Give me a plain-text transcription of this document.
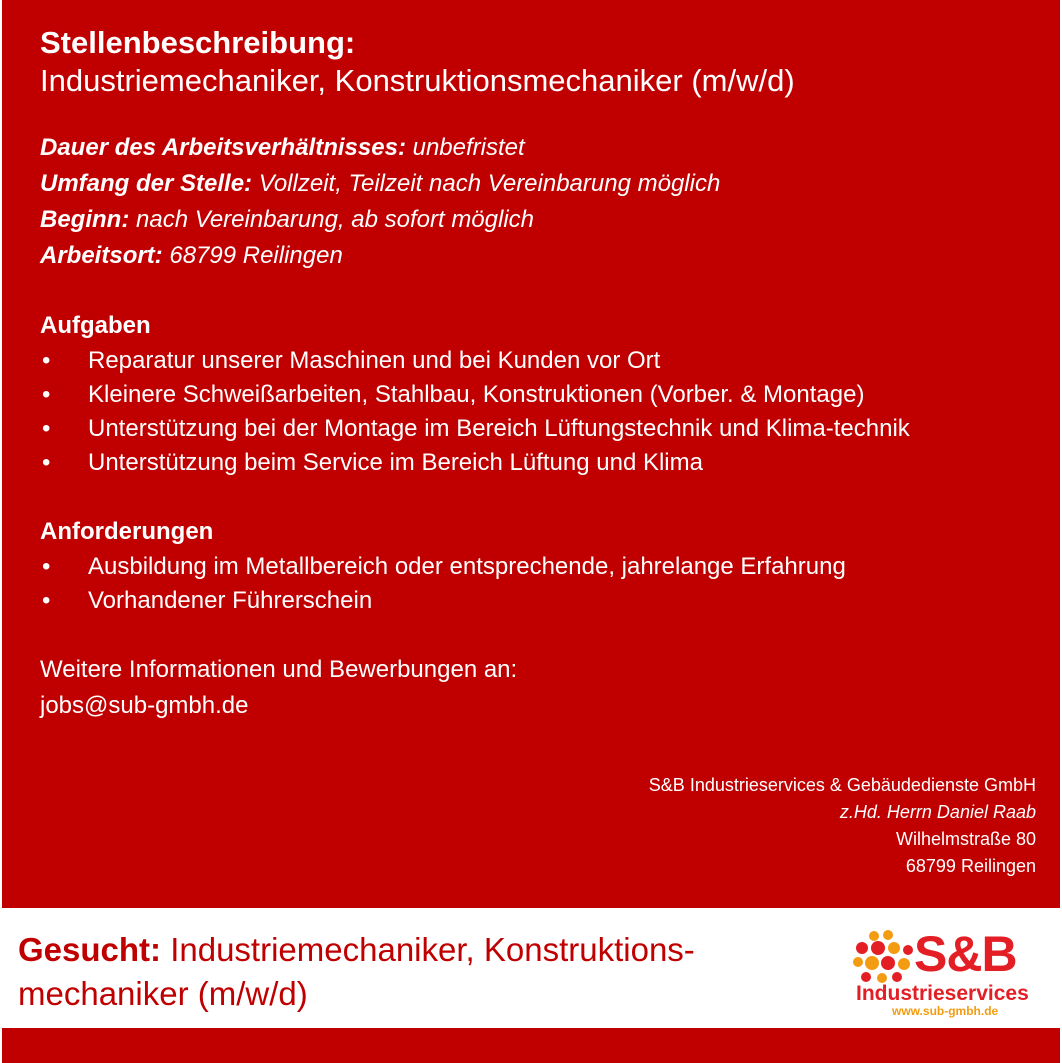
Stellenbeschreibung:

Industriemechaniker, Konstruktionsmechaniker (m/w/d)

Dauer des Arbeitsverhältnisses: unbefristet
Umfang der Stelle: Vollzeit, Teilzeit nach Vereinbarung möglich
Beginn: nach Vereinbarung, ab sofort möglich
Arbeitsort: 68799 Reilingen
Aufgaben
• Reparatur unserer Maschinen und bei Kunden vor Ort
• Kleinere Schweißarbeiten, Stahlbau, Konstruktionen (Vorber. & Montage)
• Unterstützung bei der Montage im Bereich Lüftungstechnik und Klima-technik
• Unterstützung beim Service im Bereich Lüftung und Klima
Anforderungen
• Ausbildung im Metallbereich oder entsprechende, jahrelange Erfahrung
• Vorhandener Führerschein
Weitere Informationen und Bewerbungen an:
jobs@sub-gmbh.de
S&B Industrieservices & Gebäudedienste GmbH
z.Hd. Herrn Daniel Raab
Wilhelmstraße 80
68799 Reilingen
Gesucht: Industriemechaniker, Konstruktions-mechaniker (m/w/d)
S&B
Industrieservices
www.sub-gmbh.de
